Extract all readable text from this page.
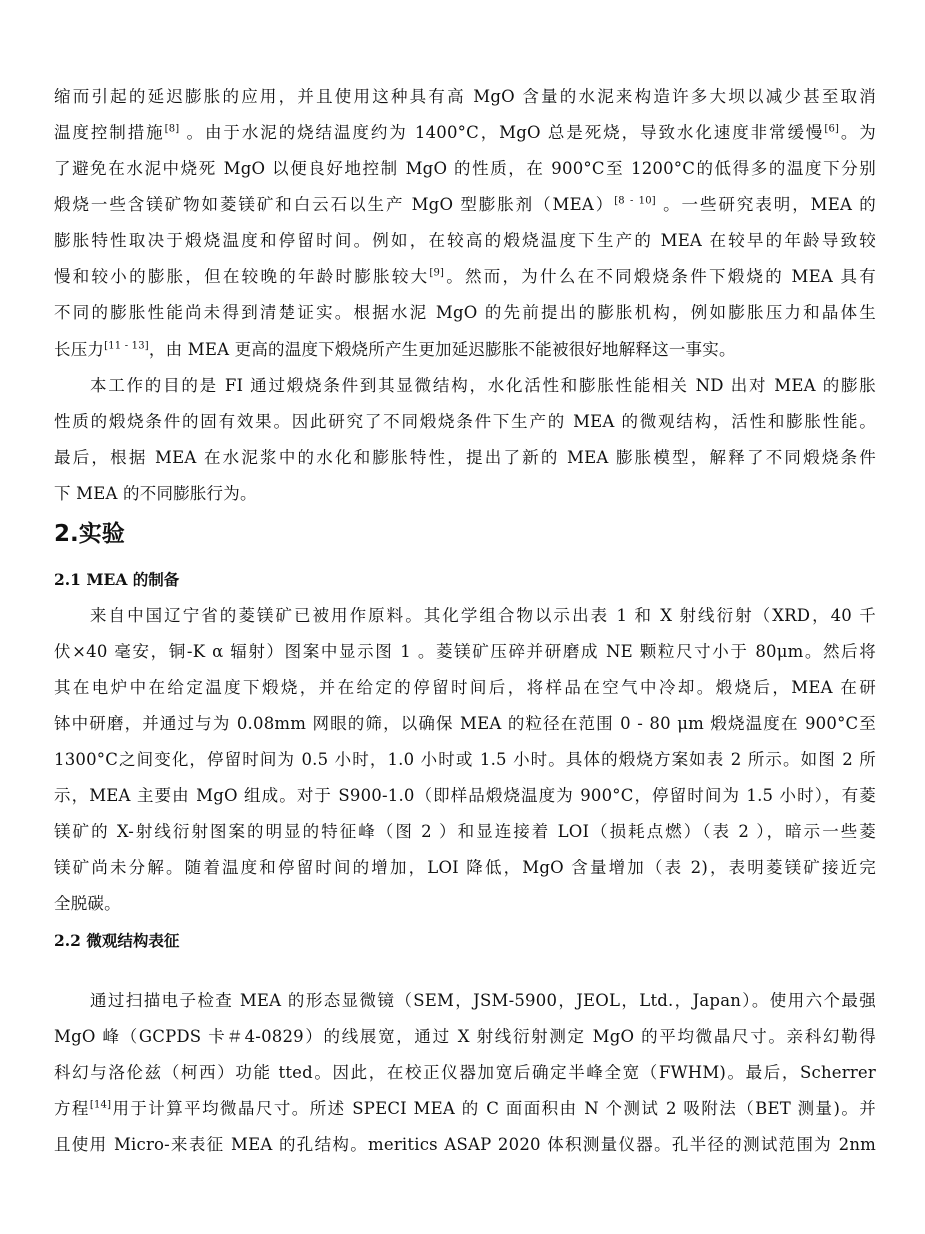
缩而引起的延迟膨胀的应用，并且使用这种具有高 MgO 含量的水泥来构造许多大坝以减少甚至取消
温度控制措施[8] 。由于水泥的烧结温度约为 1400°C，MgO 总是死烧，导致水化速度非常缓慢[6]。为
了避免在水泥中烧死 MgO 以便良好地控制 MgO 的性质，在 900°C至 1200°C的低得多的温度下分别
煅烧一些含镁矿物如菱镁矿和白云石以生产 MgO 型膨胀剂（MEA）[8 - 10] 。一些研究表明，MEA 的
膨胀特性取决于煅烧温度和停留时间。例如，在较高的煅烧温度下生产的 MEA 在较早的年龄导致较
慢和较小的膨胀，但在较晚的年龄时膨胀较大[9]。然而，为什么在不同煅烧条件下煅烧的 MEA 具有
不同的膨胀性能尚未得到清楚证实。根据水泥 MgO 的先前提出的膨胀机构，例如膨胀压力和晶体生
长压力[11 - 13]，由 MEA 更高的温度下煅烧所产生更加延迟膨胀不能被很好地解释这一事实。
本工作的目的是 FI 通过煅烧条件到其显微结构，水化活性和膨胀性能相关 ND 出对 MEA 的膨胀
性质的煅烧条件的固有效果。因此研究了不同煅烧条件下生产的 MEA 的微观结构，活性和膨胀性能。
最后，根据 MEA 在水泥浆中的水化和膨胀特性，提出了新的 MEA 膨胀模型，解释了不同煅烧条件
下 MEA 的不同膨胀行为。
2.实验
2.1 MEA 的制备
来自中国辽宁省的菱镁矿已被用作原料。其化学组合物以示出表 1 和 X 射线衍射（XRD，40 千
伏×40 毫安，铜-K α 辐射）图案中显示图 1 。菱镁矿压碎并研磨成 NE 颗粒尺寸小于 80μm。然后将
其在电炉中在给定温度下煅烧，并在给定的停留时间后，将样品在空气中冷却。煅烧后，MEA 在研
钵中研磨，并通过与为 0.08mm 网眼的筛，以确保 MEA 的粒径在范围 0 - 80 μm 煅烧温度在 900°C至
1300°C之间变化，停留时间为 0.5 小时，1.0 小时或 1.5 小时。具体的煅烧方案如表 2 所示。如图 2 所
示，MEA 主要由 MgO 组成。对于 S900-1.0（即样品煅烧温度为 900°C，停留时间为 1.5 小时），有菱
镁矿的 X-射线衍射图案的明显的特征峰（图 2 ）和显连接着 LOI（损耗点燃）（表 2 ），暗示一些菱
镁矿尚未分解。随着温度和停留时间的增加，LOI 降低，MgO 含量增加（表 2)，表明菱镁矿接近完
全脱碳。
2.2 微观结构表征
通过扫描电子检查 MEA 的形态显微镜（SEM，JSM-5900，JEOL，Ltd.，Japan）。使用六个最强
MgO 峰（GCPDS 卡＃4-0829）的线展宽，通过 X 射线衍射测定 MgO 的平均微晶尺寸。亲科幻勒得
科幻与洛伦兹（柯西）功能 tted。因此，在校正仪器加宽后确定半峰全宽（FWHM)。最后，Scherrer
方程[14]用于计算平均微晶尺寸。所述 SPECI MEA 的 C 面面积由 N 个测试 2 吸附法（BET 测量)。并
且使用 Micro-来表征 MEA 的孔结构。meritics ASAP 2020 体积测量仪器。孔半径的测试范围为 2nm
